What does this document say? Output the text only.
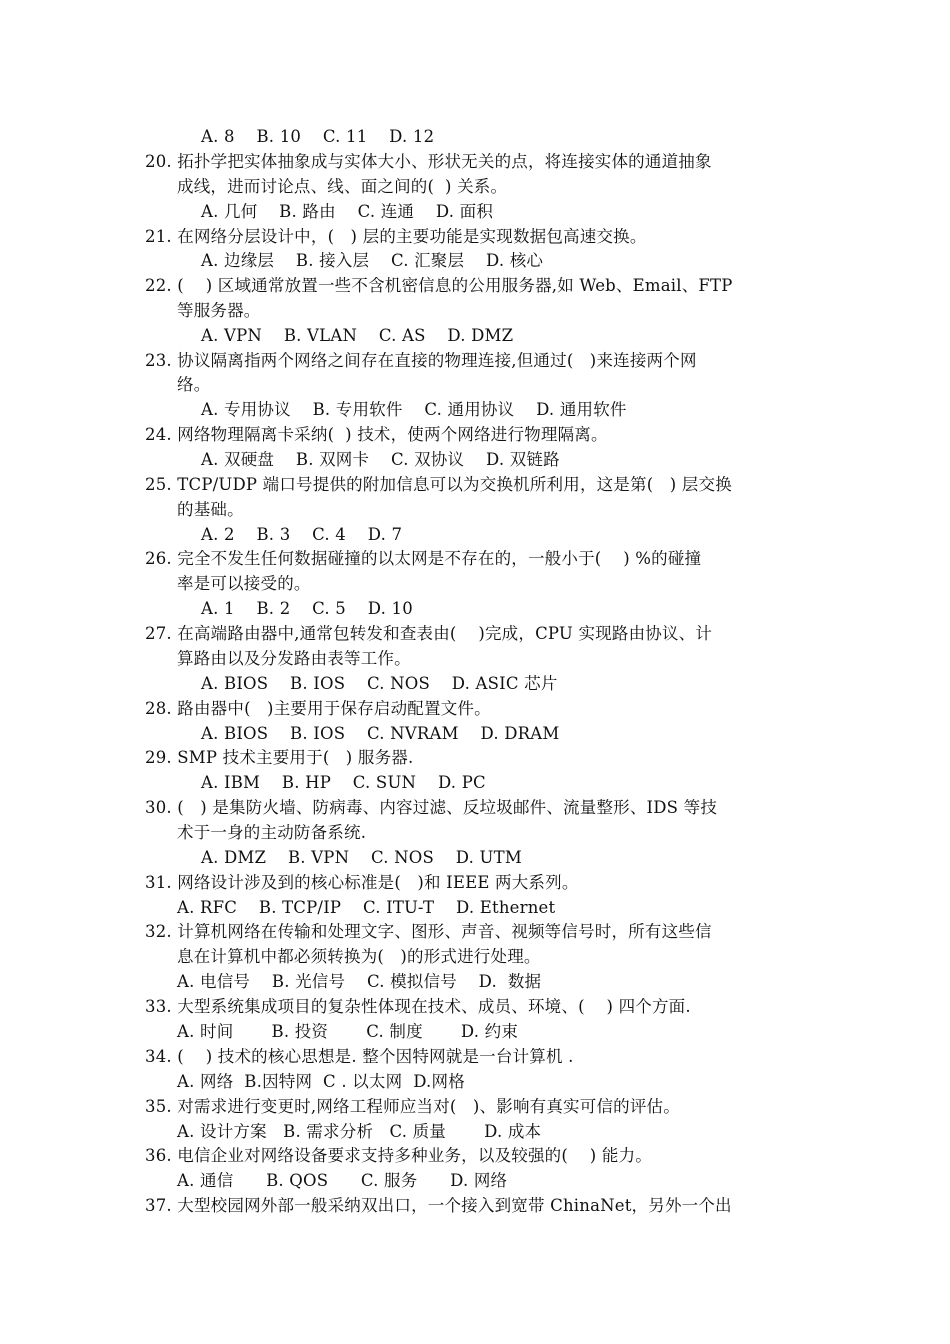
A. 8    B. 10    C. 11    D. 12
20. 拓扑学把实体抽象成与实体大小、形状无关的点，将连接实体的通道抽象
成线，进而讨论点、线、面之间的(  ) 关系。
A. 几何    B. 路由    C. 连通    D. 面积
21. 在网络分层设计中，(   ) 层的主要功能是实现数据包高速交换。
A. 边缘层    B. 接入层    C. 汇聚层    D. 核心
22. (    ) 区域通常放置一些不含机密信息的公用服务器,如 Web、Email、FTP
等服务器。
A. VPN    B. VLAN    C. AS    D. DMZ
23. 协议隔离指两个网络之间存在直接的物理连接,但通过(   )来连接两个网
络。
A. 专用协议    B. 专用软件    C. 通用协议    D. 通用软件
24. 网络物理隔离卡采纳(  ) 技术，使两个网络进行物理隔离。
A. 双硬盘    B. 双网卡    C. 双协议    D. 双链路
25. TCP/UDP 端口号提供的附加信息可以为交换机所利用，这是第(   ) 层交换
的基础。
A. 2    B. 3    C. 4    D. 7
26. 完全不发生任何数据碰撞的以太网是不存在的，一般小于(    ) %的碰撞
率是可以接受的。
A. 1    B. 2    C. 5    D. 10
27. 在高端路由器中,通常包转发和查表由(    )完成，CPU 实现路由协议、计
算路由以及分发路由表等工作。
A. BIOS    B. IOS    C. NOS    D. ASIC 芯片
28. 路由器中(   )主要用于保存启动配置文件。
A. BIOS    B. IOS    C. NVRAM    D. DRAM
29. SMP 技术主要用于(   ) 服务器.
A. IBM    B. HP    C. SUN    D. PC
30. (   ) 是集防火墙、防病毒、内容过滤、反垃圾邮件、流量整形、IDS 等技
术于一身的主动防备系统.
A. DMZ    B. VPN    C. NOS    D. UTM
31. 网络设计涉及到的核心标准是(   )和 IEEE 两大系列。
A. RFC    B. TCP/IP    C. ITU-T    D. Ethernet
32. 计算机网络在传输和处理文字、图形、声音、视频等信号时，所有这些信
息在计算机中都必须转换为(   )的形式进行处理。
A. 电信号    B. 光信号    C. 模拟信号    D.  数据
33. 大型系统集成项目的复杂性体现在技术、成员、环境、(    ) 四个方面.
A. 时间       B. 投资       C. 制度       D. 约束
34. (    ) 技术的核心思想是. 整个因特网就是一台计算机 .
A. 网络  B.因特网  C . 以太网  D.网格
35. 对需求进行变更时,网络工程师应当对(   )、影响有真实可信的评估。
A. 设计方案   B. 需求分析   C. 质量       D. 成本
36. 电信企业对网络设备要求支持多种业务，以及较强的(    ) 能力。
A. 通信      B. QOS      C. 服务      D. 网络
37. 大型校园网外部一般采纳双出口，一个接入到宽带 ChinaNet，另外一个出
